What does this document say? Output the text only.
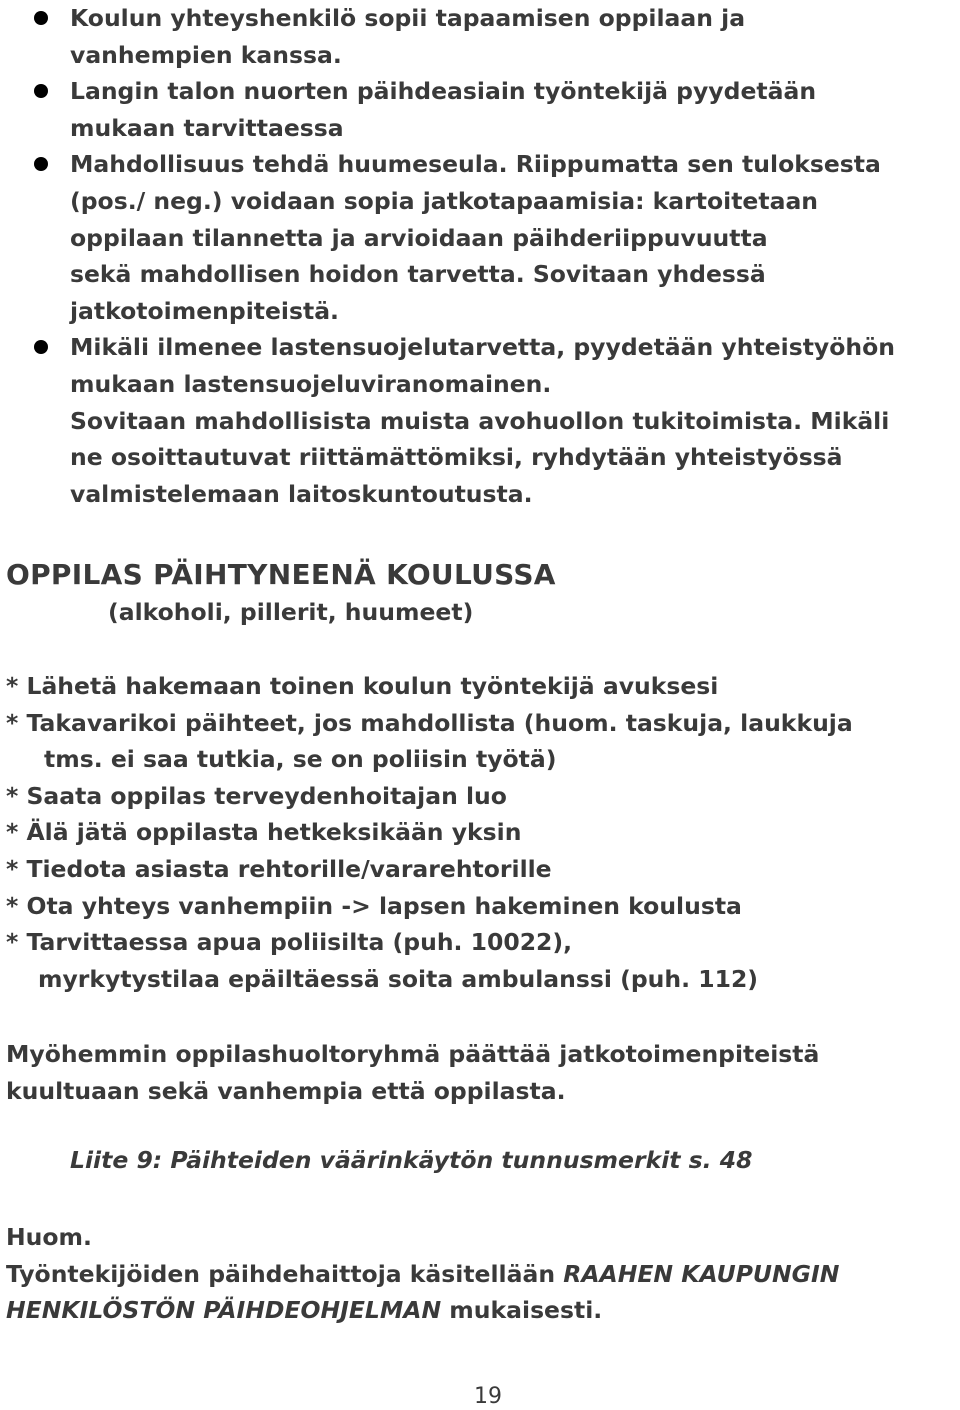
Koulun yhteyshenkilö sopii tapaamisen oppilaan ja
vanhempien kanssa.
Langin talon nuorten päihdeasiain työntekijä pyydetään
mukaan tarvittaessa
Mahdollisuus tehdä huumeseula. Riippumatta sen tuloksesta
(pos./ neg.) voidaan sopia jatkotapaamisia: kartoitetaan
oppilaan tilannetta ja arvioidaan päihderiippuvuutta
sekä mahdollisen hoidon tarvetta. Sovitaan yhdessä
jatkotoimenpiteistä.
Mikäli ilmenee lastensuojelutarvetta, pyydetään yhteistyöhön
mukaan lastensuojeluviranomainen.
Sovitaan mahdollisista muista avohuollon tukitoimista. Mikäli
ne osoittautuvat riittämättömiksi, ryhdytään yhteistyössä
valmistelemaan laitoskuntoutusta.
OPPILAS PÄIHTYNEENÄ KOULUSSA
(alkoholi, pillerit, huumeet)
* Lähetä hakemaan toinen koulun työntekijä avuksesi
* Takavarikoi päihteet, jos mahdollista (huom. taskuja, laukkuja
tms. ei saa tutkia, se on poliisin työtä)
* Saata oppilas terveydenhoitajan luo
* Älä jätä oppilasta hetkeksikään yksin
* Tiedota asiasta rehtorille/vararehtorille
* Ota yhteys vanhempiin -> lapsen hakeminen koulusta
* Tarvittaessa apua poliisilta (puh. 10022),
myrkytystilaa epäiltäessä soita ambulanssi (puh. 112)
Myöhemmin oppilashuoltoryhmä päättää jatkotoimenpiteistä
kuultuaan sekä vanhempia että oppilasta.
Liite 9: Päihteiden väärinkäytön tunnusmerkit s. 48
Huom.
Työntekijöiden päihdehaittoja käsitellään RAAHEN KAUPUNGIN
HENKILÖSTÖN PÄIHDEOHJELMAN mukaisesti.
19
